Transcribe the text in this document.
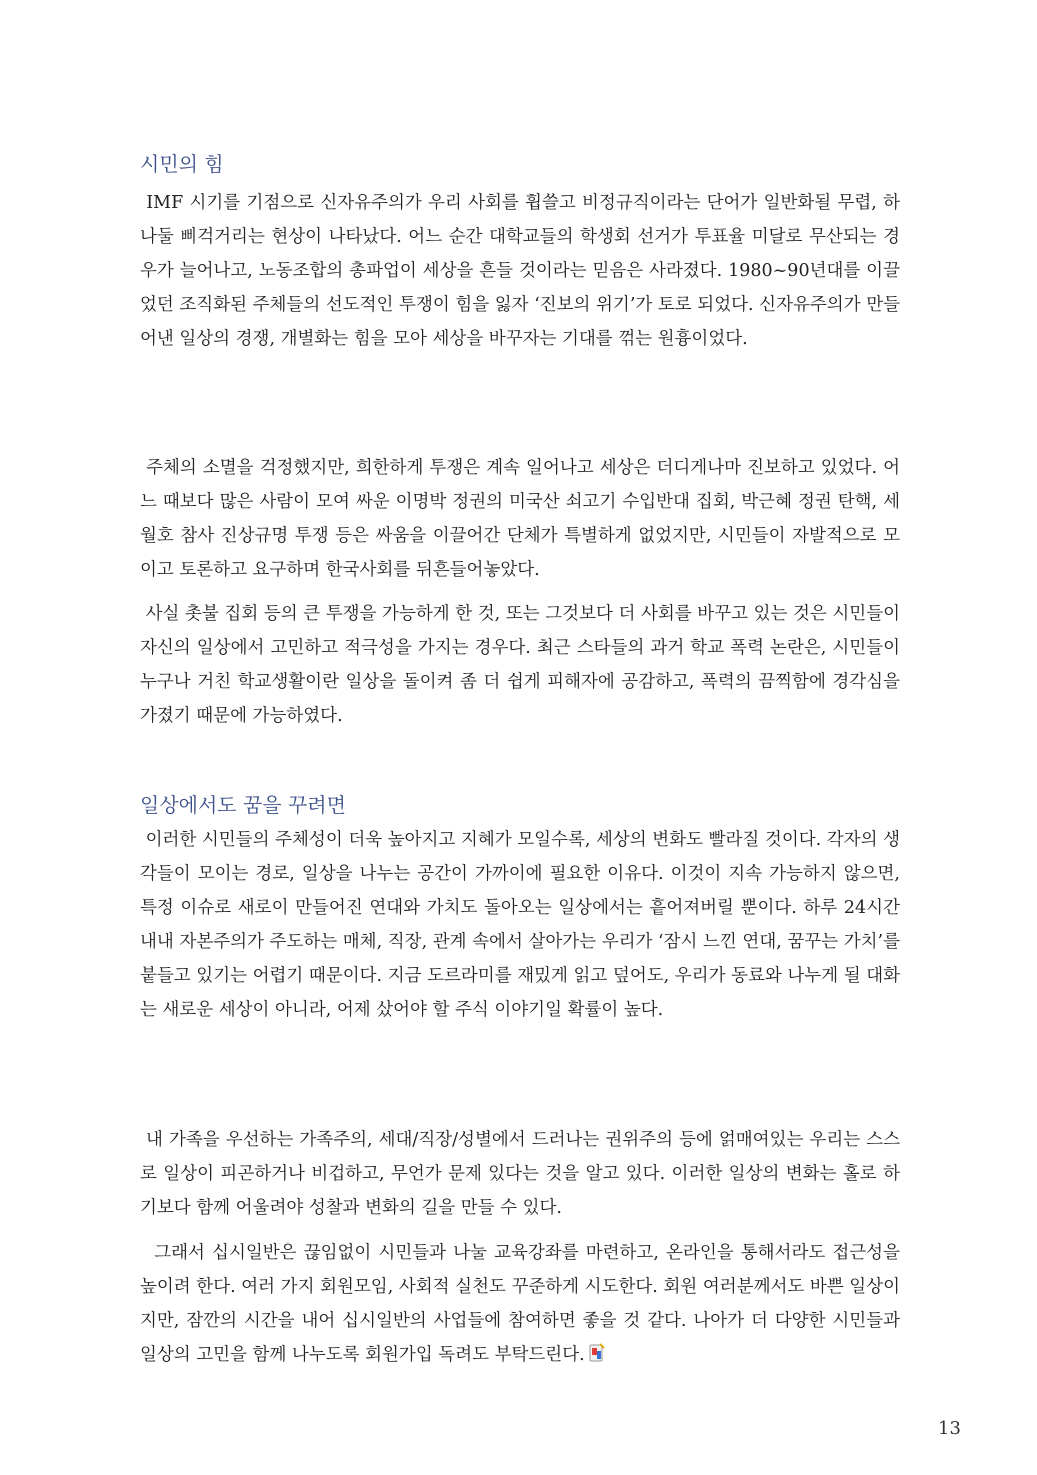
시민의 힘

IMF 시기를 기점으로 신자유주의가 우리 사회를 휩쓸고 비정규직이라는 단어가 일반화될 무렵, 하나둘 삐걱거리는 현상이 나타났다. 어느 순간 대학교들의 학생회 선거가 투표율 미달로 무산되는 경우가 늘어나고, 노동조합의 총파업이 세상을 흔들 것이라는 믿음은 사라졌다. 1980~90년대를 이끌었던 조직화된 주체들의 선도적인 투쟁이 힘을 잃자 ‘진보의 위기’가 토로 되었다. 신자유주의가 만들어낸 일상의 경쟁, 개별화는 힘을 모아 세상을 바꾸자는 기대를 꺾는 원흉이었다.

주체의 소멸을 걱정했지만, 희한하게 투쟁은 계속 일어나고 세상은 더디게나마 진보하고 있었다. 어느 때보다 많은 사람이 모여 싸운 이명박 정권의 미국산 쇠고기 수입반대 집회, 박근혜 정권 탄핵, 세월호 참사 진상규명 투쟁 등은 싸움을 이끌어간 단체가 특별하게 없었지만, 시민들이 자발적으로 모이고 토론하고 요구하며 한국사회를 뒤흔들어놓았다.

사실 촛불 집회 등의 큰 투쟁을 가능하게 한 것, 또는 그것보다 더 사회를 바꾸고 있는 것은 시민들이 자신의 일상에서 고민하고 적극성을 가지는 경우다. 최근 스타들의 과거 학교 폭력 논란은, 시민들이 누구나 거친 학교생활이란 일상을 돌이켜 좀 더 쉽게 피해자에 공감하고, 폭력의 끔찍함에 경각심을 가졌기 때문에 가능하였다.

일상에서도 꿈을 꾸려면

이러한 시민들의 주체성이 더욱 높아지고 지혜가 모일수록, 세상의 변화도 빨라질 것이다. 각자의 생각들이 모이는 경로, 일상을 나누는 공간이 가까이에 필요한 이유다. 이것이 지속 가능하지 않으면, 특정 이슈로 새로이 만들어진 연대와 가치도 돌아오는 일상에서는 흩어져버릴 뿐이다. 하루 24시간 내내 자본주의가 주도하는 매체, 직장, 관계 속에서 살아가는 우리가 ‘잠시 느낀 연대, 꿈꾸는 가치’를 붙들고 있기는 어렵기 때문이다. 지금 도르라미를 재밌게 읽고 덮어도, 우리가 동료와 나누게 될 대화는 새로운 세상이 아니라, 어제 샀어야 할 주식 이야기일 확률이 높다.

내 가족을 우선하는 가족주의, 세대/직장/성별에서 드러나는 권위주의 등에 얽매여있는 우리는 스스로 일상이 피곤하거나 비겁하고, 무언가 문제 있다는 것을 알고 있다. 이러한 일상의 변화는 홀로 하기보다 함께 어울려야 성찰과 변화의 길을 만들 수 있다.

그래서 십시일반은 끊임없이 시민들과 나눌 교육강좌를 마련하고, 온라인을 통해서라도 접근성을 높이려 한다. 여러 가지 회원모임, 사회적 실천도 꾸준하게 시도한다. 회원 여러분께서도 바쁜 일상이지만, 잠깐의 시간을 내어 십시일반의 사업들에 참여하면 좋을 것 같다. 나아가 더 다양한 시민들과 일상의 고민을 함께 나누도록 회원가입 독려도 부탁드린다.

13
